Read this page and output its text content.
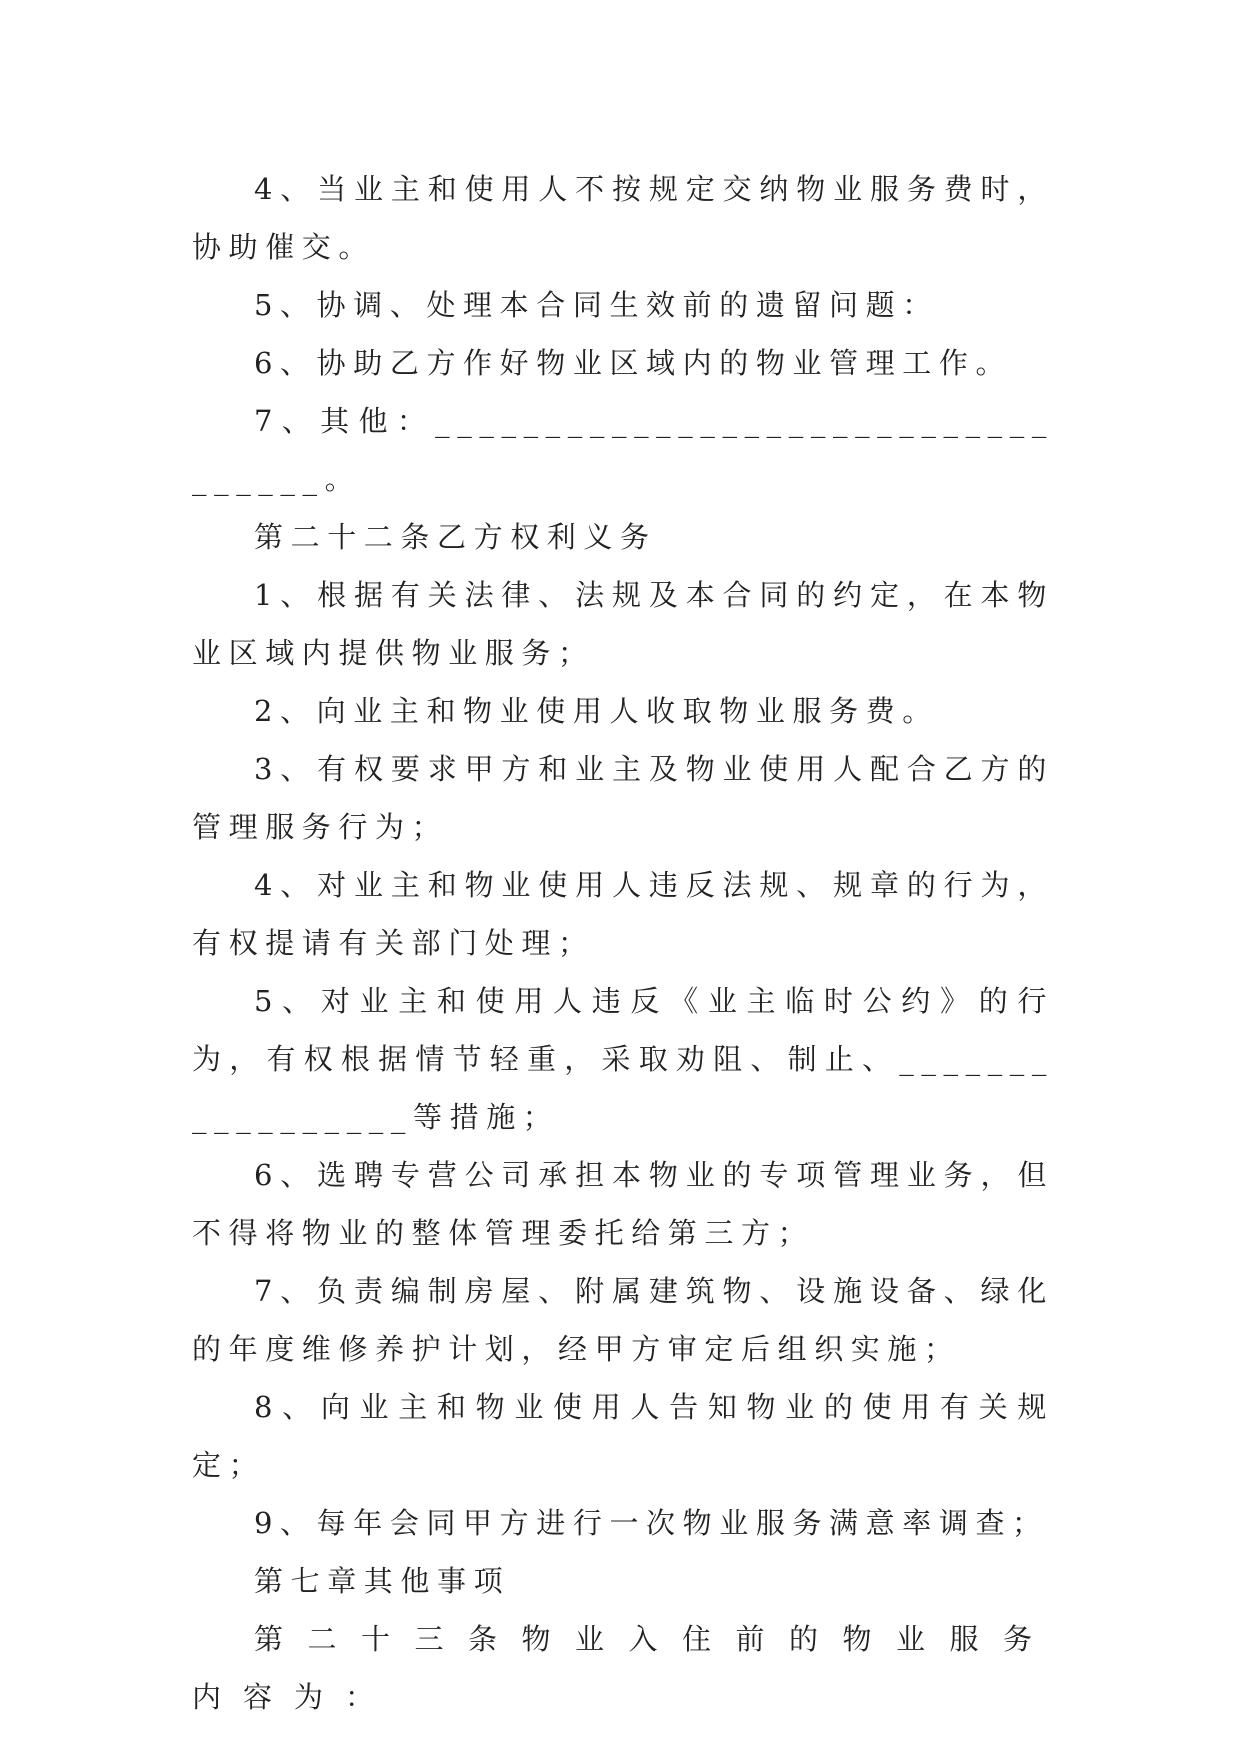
4、当业主和使用人不按规定交纳物业服务费时，协助催交。

5、协调、处理本合同生效前的遗留问题：

6、协助乙方作好物业区域内的物业管理工作。

7、其他：__________________________________。

第二十二条乙方权利义务

1、根据有关法律、法规及本合同的约定，在本物业区域内提供物业服务；

2、向业主和物业使用人收取物业服务费。

3、有权要求甲方和业主及物业使用人配合乙方的管理服务行为；

4、对业主和物业使用人违反法规、规章的行为，有权提请有关部门处理；

5、对业主和使用人违反《业主临时公约》的行为，有权根据情节轻重，采取劝阻、制止、_________________等措施；

6、选聘专营公司承担本物业的专项管理业务，但不得将物业的整体管理委托给第三方；

7、负责编制房屋、附属建筑物、设施设备、绿化的年度维修养护计划，经甲方审定后组织实施；

8、向业主和物业使用人告知物业的使用有关规定；

9、每年会同甲方进行一次物业服务满意率调查；

第七章其他事项

第二十三条物业入住前的物业服务内容为：
